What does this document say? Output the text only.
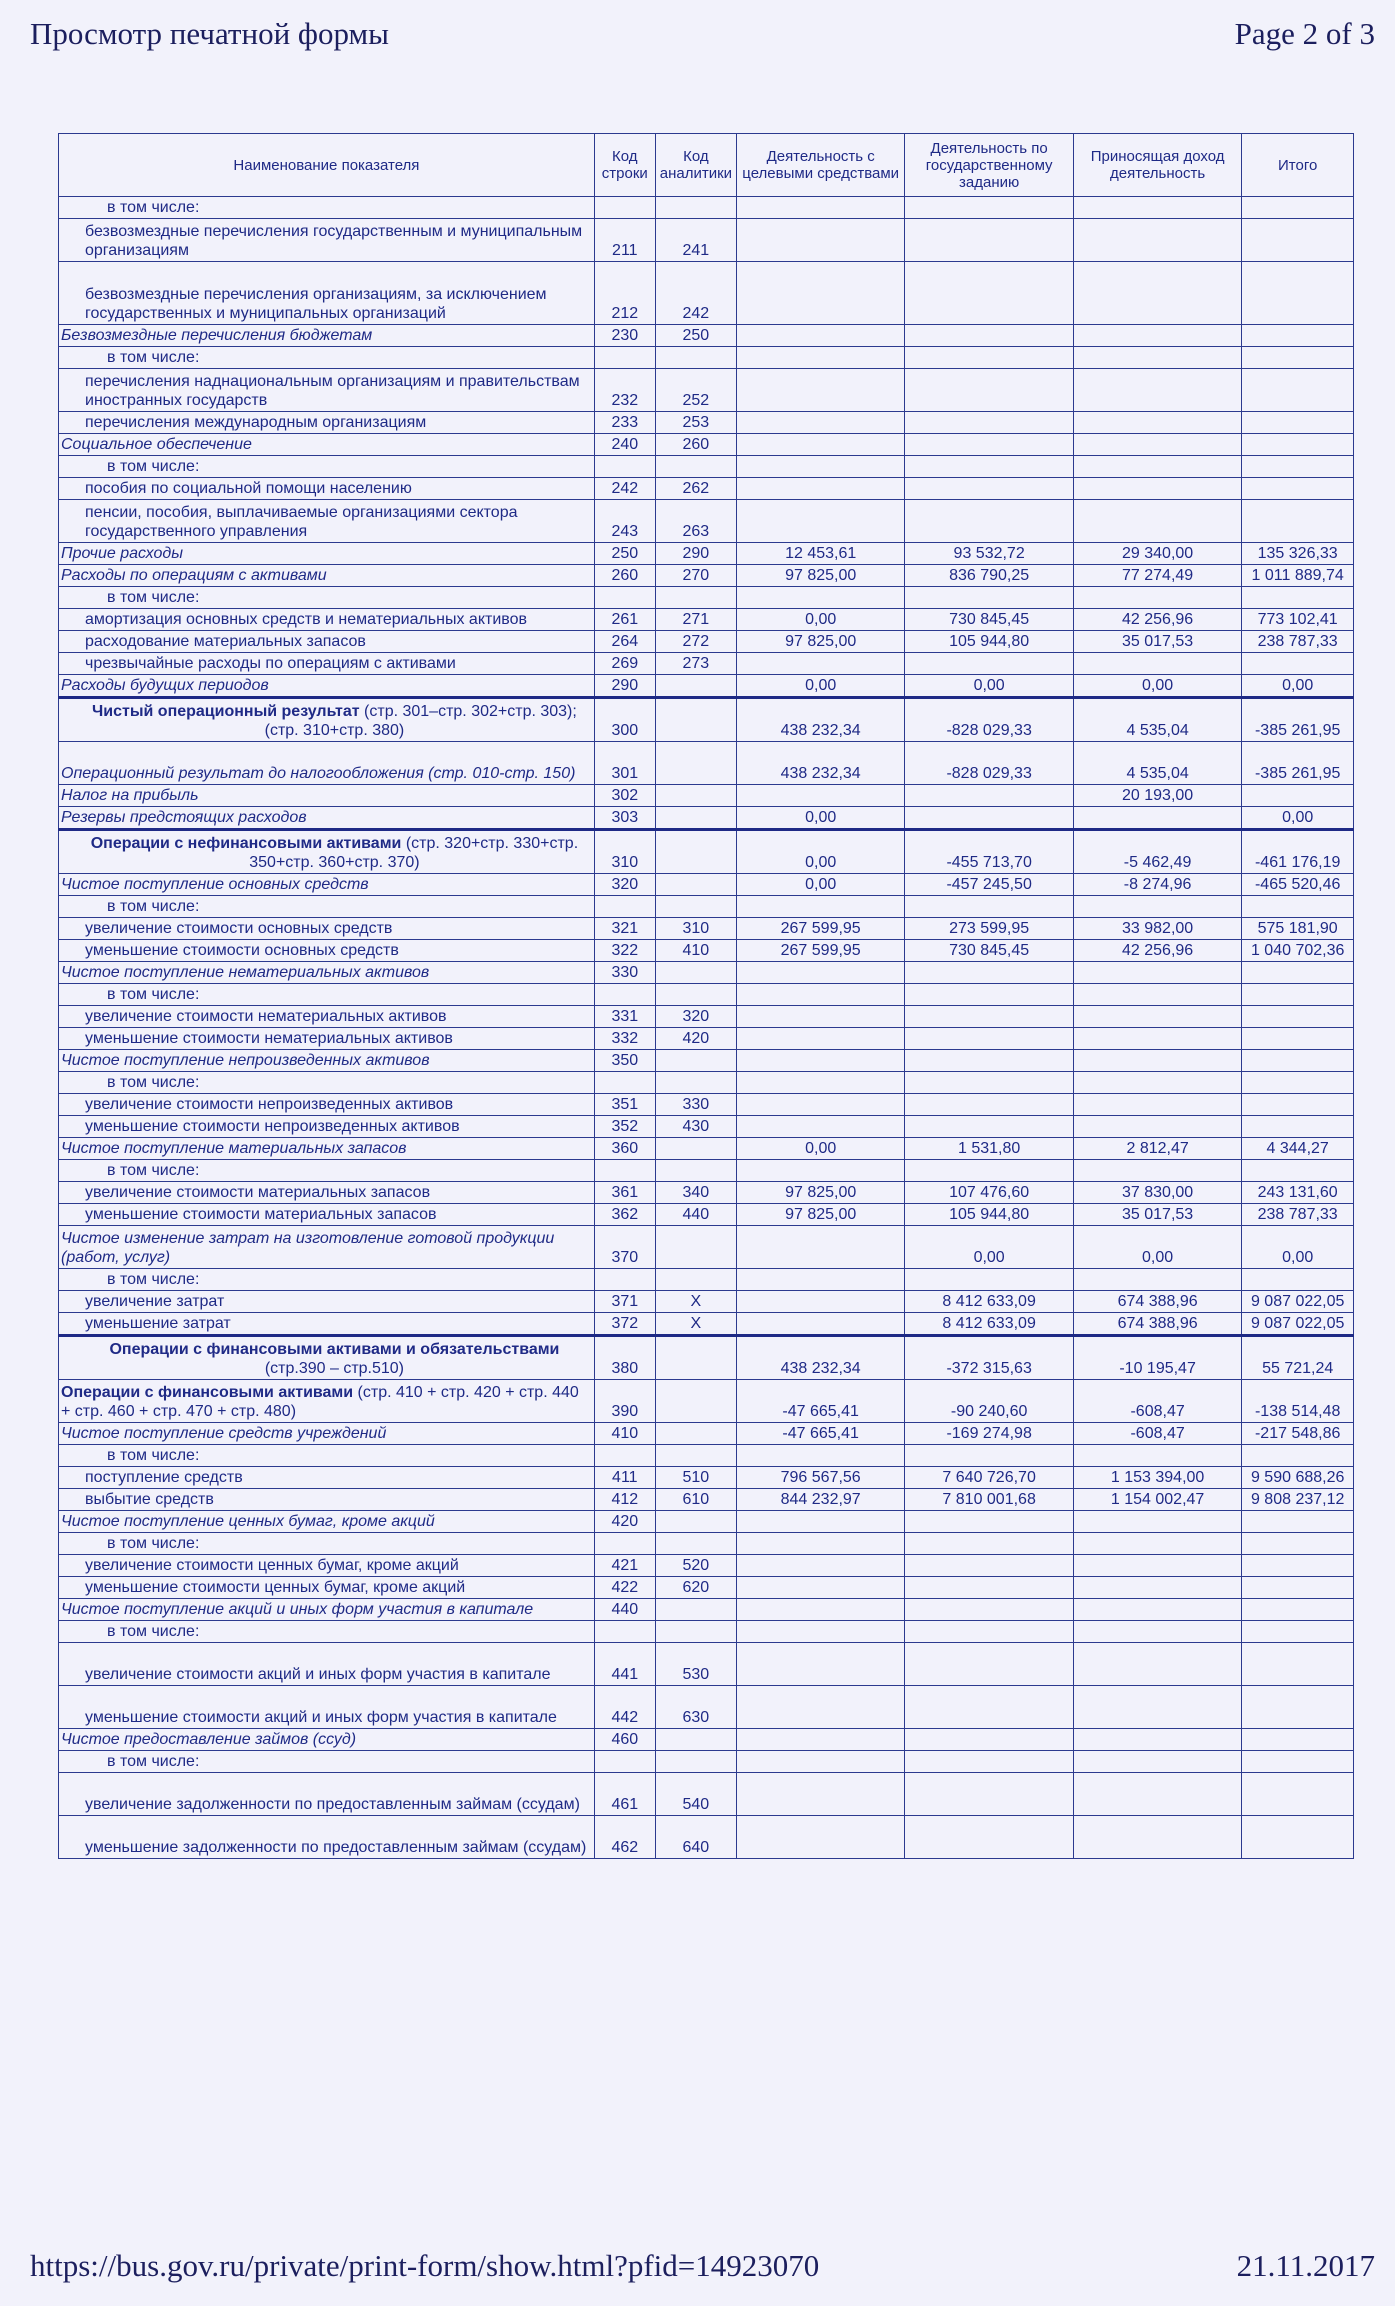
Просмотр печатной формы	Page 2 of 3
Наименование показателя	Код строки	Код аналитики	Деятельность с целевыми средствами	Деятельность по государственному заданию	Приносящая доход деятельность	Итого
в том числе:						
безвозмездные перечисления государственным и муниципальным организациям	211	241				
безвозмездные перечисления организациям, за исключением государственных и муниципальных организаций	212	242				
Безвозмездные перечисления бюджетам	230	250				
в том числе:						
перечисления наднациональным организациям и правительствам иностранных государств	232	252				
перечисления международным организациям	233	253				
Социальное обеспечение	240	260				
в том числе:						
пособия по социальной помощи населению	242	262				
пенсии, пособия, выплачиваемые организациями сектора государственного управления	243	263				
Прочие расходы	250	290	12 453,61	93 532,72	29 340,00	135 326,33
Расходы по операциям с активами	260	270	97 825,00	836 790,25	77 274,49	1 011 889,74
в том числе:						
амортизация основных средств и нематериальных активов	261	271	0,00	730 845,45	42 256,96	773 102,41
расходование материальных запасов	264	272	97 825,00	105 944,80	35 017,53	238 787,33
чрезвычайные расходы по операциям с активами	269	273				
Расходы будущих периодов	290		0,00	0,00	0,00	0,00
Чистый операционный результат (стр. 301–стр. 302+стр. 303); (стр. 310+стр. 380)	300		438 232,34	-828 029,33	4 535,04	-385 261,95
Операционный результат до налогообложения (стр. 010-стр. 150)	301		438 232,34	-828 029,33	4 535,04	-385 261,95
Налог на прибыль	302				20 193,00	
Резервы предстоящих расходов	303		0,00			0,00
Операции с нефинансовыми активами (стр. 320+стр. 330+стр. 350+стр. 360+стр. 370)	310		0,00	-455 713,70	-5 462,49	-461 176,19
Чистое поступление основных средств	320		0,00	-457 245,50	-8 274,96	-465 520,46
в том числе:						
увеличение стоимости основных средств	321	310	267 599,95	273 599,95	33 982,00	575 181,90
уменьшение стоимости основных средств	322	410	267 599,95	730 845,45	42 256,96	1 040 702,36
Чистое поступление нематериальных активов	330					
в том числе:						
увеличение стоимости нематериальных активов	331	320				
уменьшение стоимости нематериальных активов	332	420				
Чистое поступление непроизведенных активов	350					
в том числе:						
увеличение стоимости непроизведенных активов	351	330				
уменьшение стоимости непроизведенных активов	352	430				
Чистое поступление материальных запасов	360		0,00	1 531,80	2 812,47	4 344,27
в том числе:						
увеличение стоимости материальных запасов	361	340	97 825,00	107 476,60	37 830,00	243 131,60
уменьшение стоимости материальных запасов	362	440	97 825,00	105 944,80	35 017,53	238 787,33
Чистое изменение затрат на изготовление готовой продукции (работ, услуг)	370			0,00	0,00	0,00
в том числе:						
увеличение затрат	371	X		8 412 633,09	674 388,96	9 087 022,05
уменьшение затрат	372	X		8 412 633,09	674 388,96	9 087 022,05
Операции с финансовыми активами и обязательствами (стр.390 – стр.510)	380		438 232,34	-372 315,63	-10 195,47	55 721,24
Операции с финансовыми активами (стр. 410 + стр. 420 + стр. 440 + стр. 460 + стр. 470 + стр. 480)	390		-47 665,41	-90 240,60	-608,47	-138 514,48
Чистое поступление средств учреждений	410		-47 665,41	-169 274,98	-608,47	-217 548,86
в том числе:						
поступление средств	411	510	796 567,56	7 640 726,70	1 153 394,00	9 590 688,26
выбытие средств	412	610	844 232,97	7 810 001,68	1 154 002,47	9 808 237,12
Чистое поступление ценных бумаг, кроме акций	420					
в том числе:						
увеличение стоимости ценных бумаг, кроме акций	421	520				
уменьшение стоимости ценных бумаг, кроме акций	422	620				
Чистое поступление акций и иных форм участия в капитале	440					
в том числе:						
увеличение стоимости акций и иных форм участия в капитале	441	530				
уменьшение стоимости акций и иных форм участия в капитале	442	630				
Чистое предоставление займов (ссуд)	460					
в том числе:						
увеличение задолженности по предоставленным займам (ссудам)	461	540				
уменьшение задолженности по предоставленным займам (ссудам)	462	640				
https://bus.gov.ru/private/print-form/show.html?pfid=14923070	21.11.2017
